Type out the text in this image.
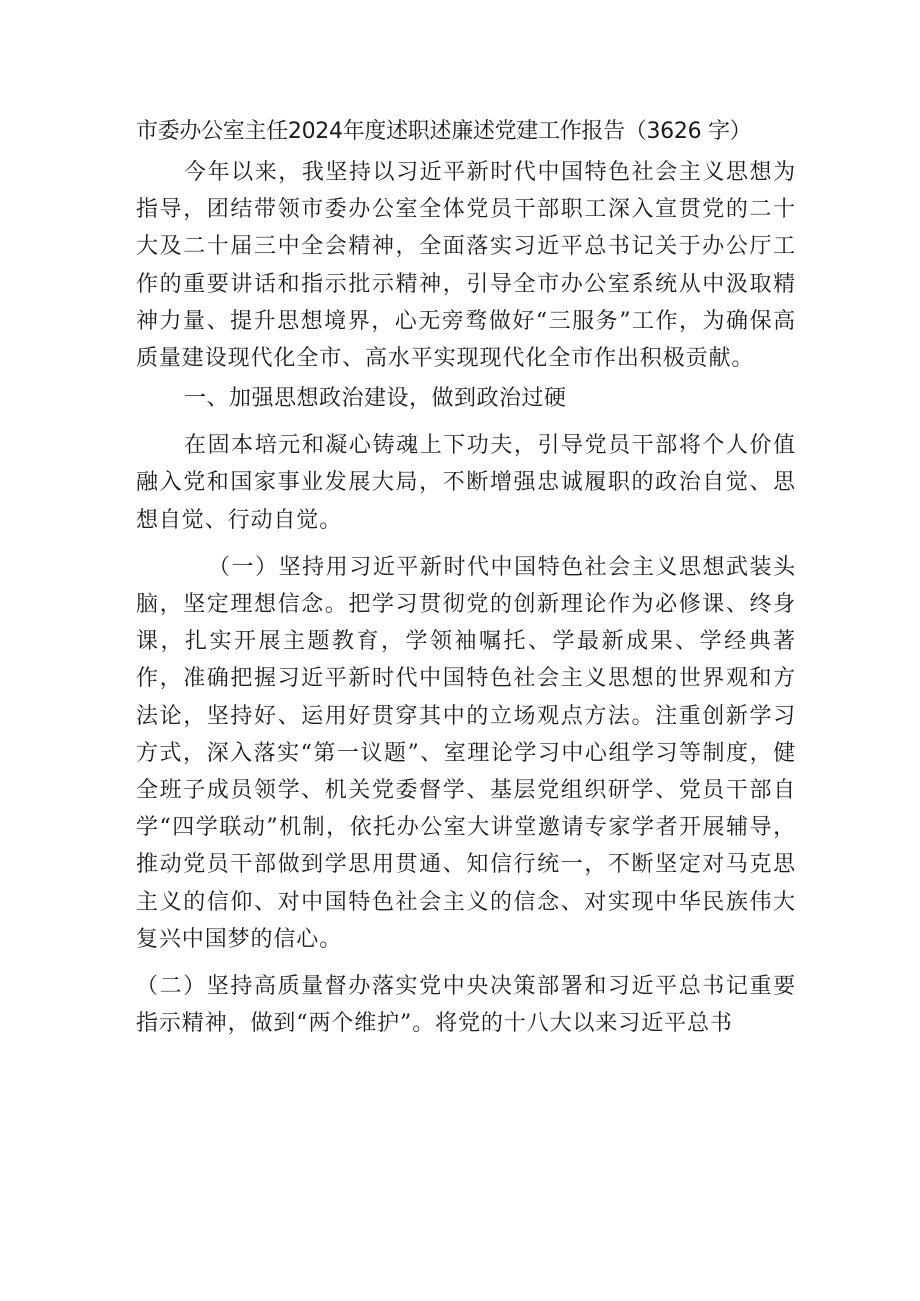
市委办公室主任2024年度述职述廉述党建工作报告（3626 字）

今年以来，我坚持以习近平新时代中国特色社会主义思想为指导，团结带领市委办公室全体党员干部职工深入宣贯党的二十大及二十届三中全会精神，全面落实习近平总书记关于办公厅工作的重要讲话和指示批示精神，引导全市办公室系统从中汲取精神力量、提升思想境界，心无旁骛做好“三服务”工作，为确保高质量建设现代化全市、高水平实现现代化全市作出积极贡献。

一、加强思想政治建设，做到政治过硬

在固本培元和凝心铸魂上下功夫，引导党员干部将个人价值融入党和国家事业发展大局，不断增强忠诚履职的政治自觉、思想自觉、行动自觉。

（一）坚持用习近平新时代中国特色社会主义思想武装头脑，坚定理想信念。把学习贯彻党的创新理论作为必修课、终身课，扎实开展主题教育，学领袖嘱托、学最新成果、学经典著作，准确把握习近平新时代中国特色社会主义思想的世界观和方法论，坚持好、运用好贯穿其中的立场观点方法。注重创新学习方式，深入落实“第一议题”、室理论学习中心组学习等制度，健全班子成员领学、机关党委督学、基层党组织研学、党员干部自学“四学联动”机制，依托办公室大讲堂邀请专家学者开展辅导，推动党员干部做到学思用贯通、知信行统一，不断坚定对马克思主义的信仰、对中国特色社会主义的信念、对实现中华民族伟大复兴中国梦的信心。

（二）坚持高质量督办落实党中央决策部署和习近平总书记重要指示精神，做到“两个维护”。将党的十八大以来习近平总书
